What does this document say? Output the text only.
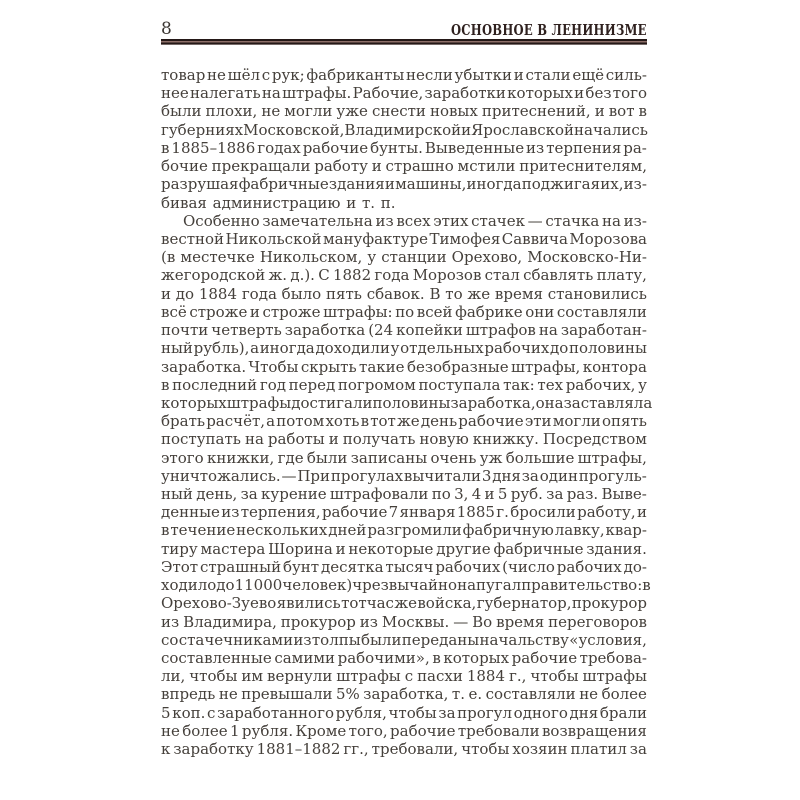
8	ОСНОВНОЕ В ЛЕНИНИЗМЕ
товар не шёл с рук; фабриканты несли убытки и стали ещё силь-
нее налегать на штрафы. Рабочие, заработки которых и без того
были плохи, не могли уже снести новых притеснений, и вот в
губерниях Московской, Владимирской и Ярославской начались
в 1885–1886 годах рабочие бунты. Выведенные из терпения ра-
бочие прекращали работу и страшно мстили притеснителям,
разрушая фабричные здания и машины, иногда поджигая их, из-
бивая администрацию и т. п.
Особенно замечательна из всех этих стачек — стачка на из-
вестной Никольской мануфактуре Тимофея Саввича Морозова
(в местечке Никольском, у станции Орехово, Московско-Ни-
жегородской ж. д.). С 1882 года Морозов стал сбавлять плату,
и до 1884 года было пять сбавок. В то же время становились
всё строже и строже штрафы: по всей фабрике они составляли
почти четверть заработка (24 копейки штрафов на заработан-
ный рубль), а иногда доходили у отдельных рабочих до половины
заработка. Чтобы скрыть такие безобразные штрафы, контора
в последний год перед погромом поступала так: тех рабочих, у
которых штрафы достигали половины заработка, она заставляла
брать расчёт, а потом хоть в тот же день рабочие эти могли опять
поступать на работы и получать новую книжку. Посредством
этого книжки, где были записаны очень уж большие штрафы,
уничтожались. — При прогулах вычитали 3 дня за один прогуль-
ный день, за курение штрафовали по 3, 4 и 5 руб. за раз. Выве-
денные из терпения, рабочие 7 января 1885 г. бросили работу, и
в течение нескольких дней разгромили фабричную лавку, квар-
тиру мастера Шорина и некоторые другие фабричные здания.
Этот страшный бунт десятка тысяч рабочих (число рабочих до-
ходило до 11 000 человек) чрезвычайно напугал правительство: в
Орехово-Зуево явились тотчас же войска, губернатор, прокурор
из Владимира, прокурор из Москвы. — Во время переговоров
со стачечниками из толпы были переданы начальству «условия,
составленные самими рабочими», в которых рабочие требова-
ли, чтобы им вернули штрафы с пасхи 1884 г., чтобы штрафы
впредь не превышали 5% заработка, т. е. составляли не более
5 коп. с заработанного рубля, чтобы за прогул одного дня брали
не более 1 рубля. Кроме того, рабочие требовали возвращения
к заработку 1881–1882 гг., требовали, чтобы хозяин платил за
